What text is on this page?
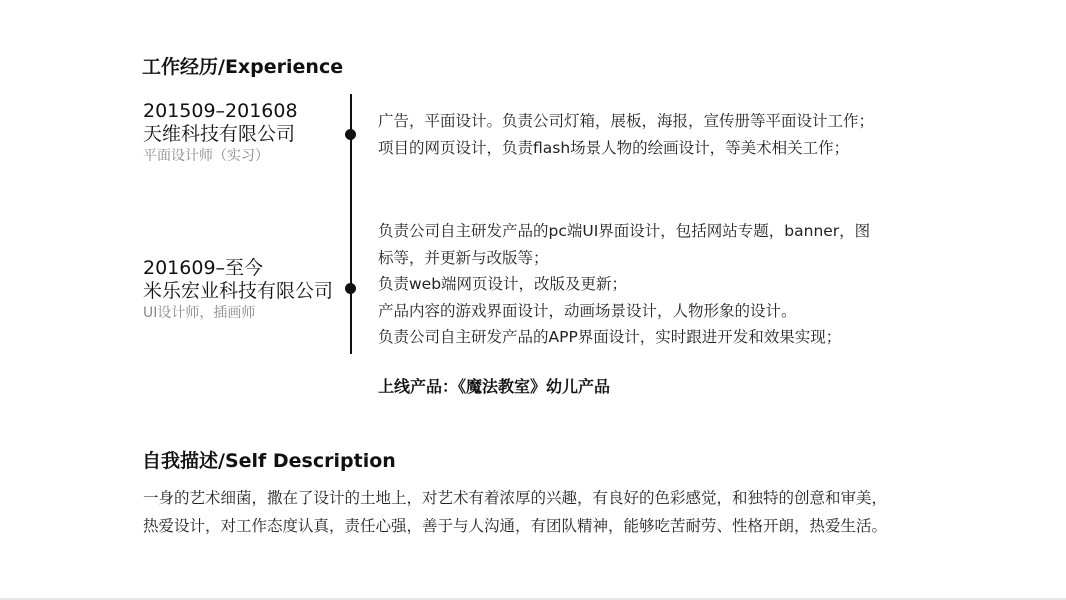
工作经历/Experience
201509–201608
天维科技有限公司
平面设计师（实习）
广告，平面设计。负责公司灯箱，展板，海报，宣传册等平面设计工作；
项目的网页设计，负责flash场景人物的绘画设计，等美术相关工作；
201609–至今
米乐宏业科技有限公司
UI设计师，插画师
负责公司自主研发产品的pc端UI界面设计，包括网站专题，banner，图
标等，并更新与改版等；
负责web端网页设计，改版及更新；
产品内容的游戏界面设计，动画场景设计，人物形象的设计。
负责公司自主研发产品的APP界面设计，实时跟进开发和效果实现；
上线产品：《魔法教室》幼儿产品
自我描述/Self Description
一身的艺术细菌，撒在了设计的土地上，对艺术有着浓厚的兴趣，有良好的色彩感觉，和独特的创意和审美，
热爱设计，对工作态度认真，责任心强，善于与人沟通，有团队精神，能够吃苦耐劳、性格开朗，热爱生活。
